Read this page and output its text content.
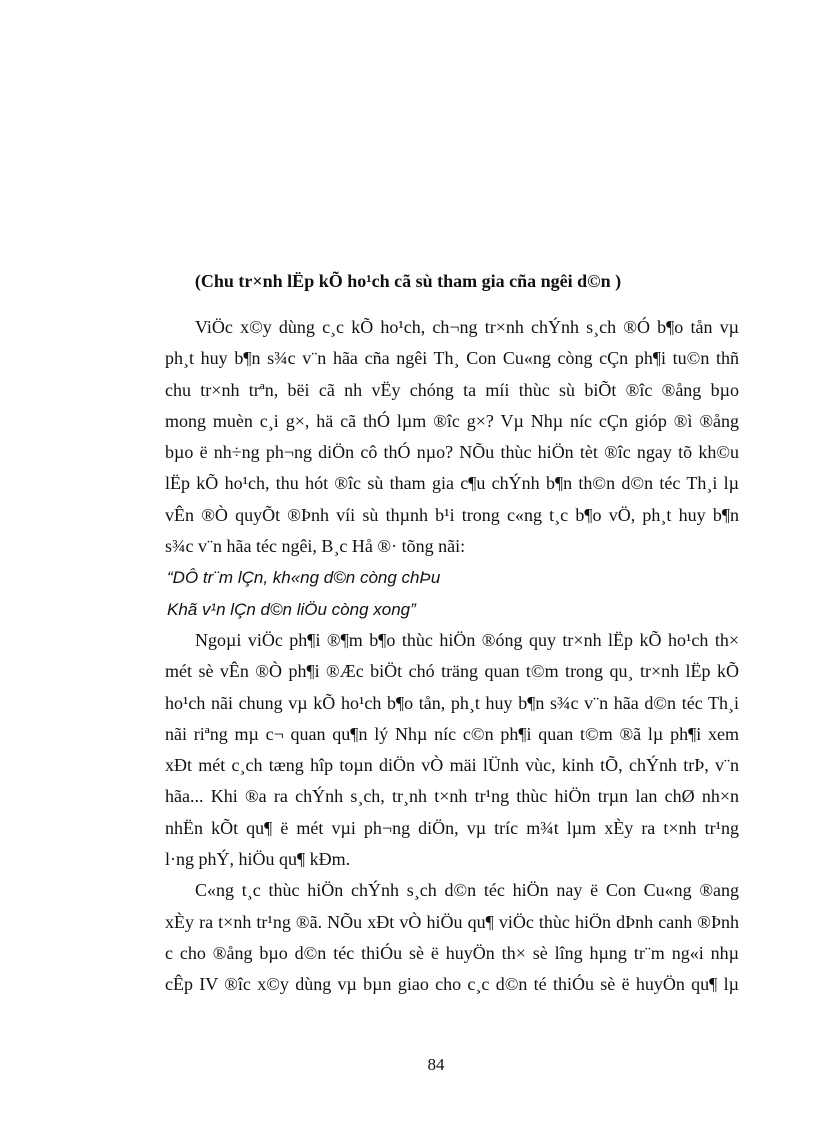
(Chu tr×nh lËp kÕ ho¹ch cã sù tham gia cña ngêi d©n )
ViÖc x©y dùng c¸c kÕ ho¹ch, ch¬ng tr×nh chÝnh s¸ch ®Ó b¶o tån vµ
ph¸t huy b¶n s¾c v¨n hãa cña ngêi Th¸ Con Cu«ng còng cÇn ph¶i tu©n thñ
chu tr×nh trªn, bëi cã nh vËy chóng ta míi thùc sù biÕt ®îc ®ång bµo
mong muèn c¸i g×, hä cã thÓ lµm ®îc g×? Vµ Nhµ níc cÇn gióp ®ì ®ång
bµo ë nh÷ng ph¬ng diÖn cô thÓ nµo? NÕu thùc hiÖn tèt ®îc ngay tõ kh©u
lËp kÕ ho¹ch, thu hót ®îc sù tham gia c¶u chÝnh b¶n th©n d©n téc Th¸i lµ
vÊn ®Ò quyÕt ®Þnh víi sù thµnh b¹i trong c«ng t¸c b¶o vÖ, ph¸t huy b¶n
s¾c v¨n hãa téc ngêi, B¸c Hå ®· tõng nãi:
“DÔ tr¨m lÇn, kh«ng d©n còng chÞu
Khã v¹n lÇn d©n liÖu còng xong”
Ngoµi viÖc ph¶i ®¶m b¶o thùc hiÖn ®óng quy tr×nh lËp kÕ ho¹ch th×
mét sè vÊn ®Ò ph¶i ®Æc biÖt chó träng quan t©m trong qu¸ tr×nh lËp kÕ
ho¹ch nãi chung vµ kÕ ho¹ch b¶o tån, ph¸t huy b¶n s¾c v¨n hãa d©n téc Th¸i
nãi riªng mµ c¬ quan qu¶n lý Nhµ níc c©n ph¶i quan t©m ®ã lµ ph¶i xem
xÐt mét c¸ch tæng hîp toµn diÖn vÒ mäi lÜnh vùc, kinh tÕ, chÝnh trÞ, v¨n
hãa... Khi ®a ra chÝnh s¸ch, tr¸nh t×nh tr¹ng thùc hiÖn trµn lan chØ nh×n
nhËn kÕt qu¶ ë mét vµi ph¬ng diÖn, vµ tríc m¾t lµm xÈy ra t×nh tr¹ng
l·ng phÝ, hiÖu qu¶ kÐm.
C«ng t¸c thùc hiÖn chÝnh s¸ch d©n téc hiÖn nay ë Con Cu«ng ®ang
xÈy ra t×nh tr¹ng ®ã. NÕu xÐt vÒ hiÖu qu¶ viÖc thùc hiÖn dÞnh canh ®Þnh
c cho ®ång bµo d©n téc thiÓu sè ë huyÖn th× sè lîng hµng tr¨m ng«i nhµ
cÊp IV ®îc x©y dùng vµ bµn giao cho c¸c d©n té thiÓu sè ë huyÖn qu¶ lµ
84
